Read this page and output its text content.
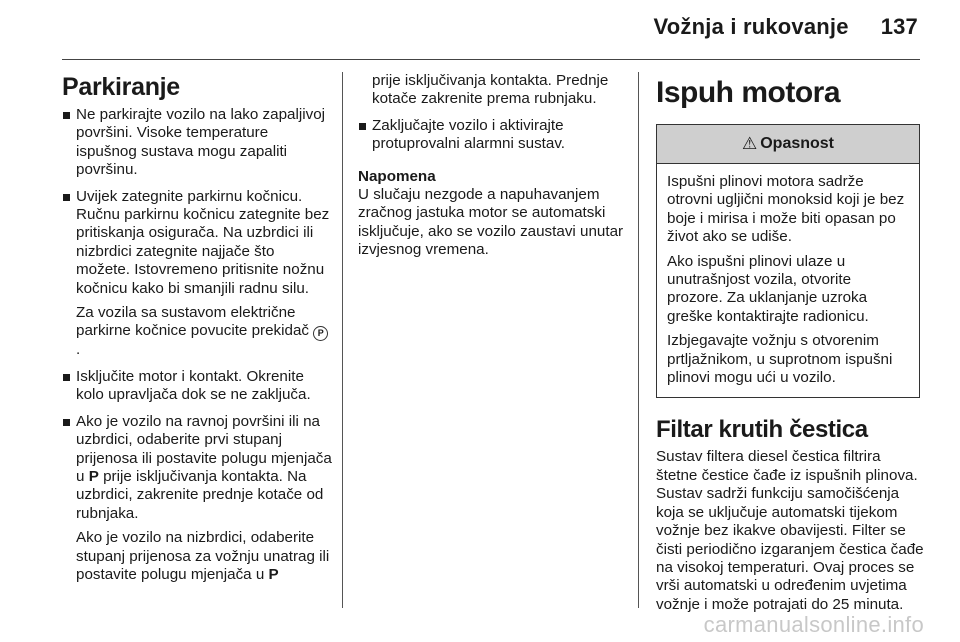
Vožnja i rukovanje 137
Parkiranje

Ne parkirajte vozilo na lako zapaljivoj površini. Visoke temperature ispušnog sustava mogu zapaliti površinu.

Uvijek zategnite parkirnu kočnicu. Ručnu parkirnu kočnicu zategnite bez pritiskanja osigurača. Na uzbrdici ili nizbrdici zategnite najjače što možete. Istovremeno pritisnite nožnu kočnicu kako bi smanjili radnu silu.

Za vozila sa sustavom električne parkirne kočnice povucite prekidač P.

Isključite motor i kontakt. Okrenite kolo upravljača dok se ne zaključa.

Ako je vozilo na ravnoj površini ili na uzbrdici, odaberite prvi stupanj prijenosa ili postavite polugu mjenjača u P prije isključivanja kontakta. Na uzbrdici, zakrenite prednje kotače od rubnjaka.

Ako je vozilo na nizbrdici, odaberite stupanj prijenosa za vožnju unatrag ili postavite polugu mjenjača u P

prije isključivanja kontakta. Prednje kotače zakrenite prema rubnjaku.

Zaključajte vozilo i aktivirajte protuprovalni alarmni sustav.

Napomena

U slučaju nezgode a napuhavanjem zračnog jastuka motor se automatski isključuje, ako se vozilo zaustavi unutar izvjesnog vremena.

Ispuh motora
⚠ Opasnost

Ispušni plinovi motora sadrže otrovni ugljični monoksid koji je bez boje i mirisa i može biti opasan po život ako se udiše.

Ako ispušni plinovi ulaze u unutrašnjost vozila, otvorite prozore. Za uklanjanje uzroka greške kontaktirajte radionicu.

Izbjegavajte vožnju s otvorenim prtljažnikom, u suprotnom ispušni plinovi mogu ući u vozilo.

Filtar krutih čestica

Sustav filtera diesel čestica filtrira štetne čestice čađe iz ispušnih plinova. Sustav sadrži funkciju samočišćenja koja se uključuje automatski tijekom vožnje bez ikakve obavijesti. Filter se čisti periodično izgaranjem čestica čađe na visokoj temperaturi. Ovaj proces se vrši automatski u određenim uvjetima vožnje i može potrajati do 25 minuta.

carmanualsonline.info
